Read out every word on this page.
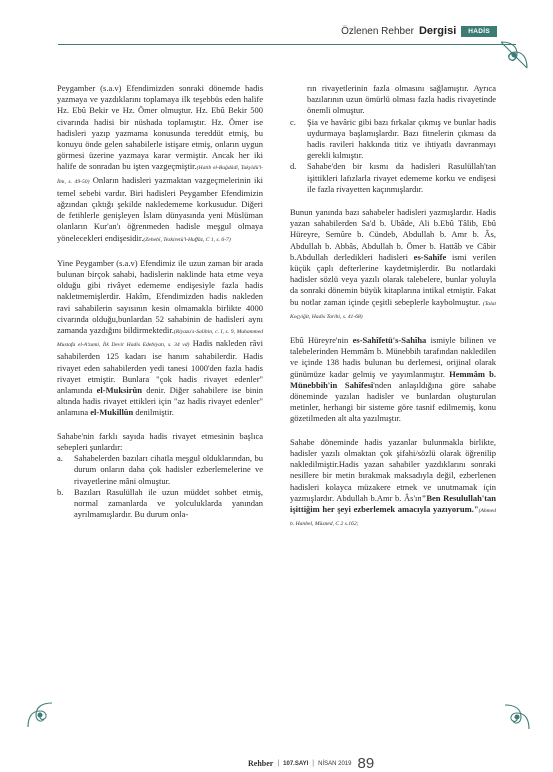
Özlenen Rehber Dergisi	HADİS

Peygamber (s.a.v) Efendimizden sonraki dönemde hadis yazmaya ve yazdıklarını toplamaya ilk teşebbüs eden halife Hz. Ebû Bekir ve Hz. Ömer olmuştur. Hz. Ebû Bekir 500 civarında hadisi bir nüshada toplamıştır. Hz. Ömer ise hadisleri yazıp yazmama konusunda tereddüt etmiş, bu konuyu önde gelen sahabilerle istişare etmiş, onların uygun görmesi üzerine yazmaya karar vermiştir. Ancak her iki halife de sonradan bu işten vazgeçmiştir.(Hatib el-Bağdâdî, Takyîdü'l-İlm, s. 49-50) Onların hadisleri yazmaktan vazgeçmelerinin iki temel sebebi vardır. Biri hadisleri Peygamber Efendimizin ağzından çıktığı şekilde nakledememe korkusudur. Diğeri de fetihlerle genişleyen İslam dünyasında yeni Müslüman olanların Kur'an'ı öğrenmeden hadisle meşgul olmaya yönelecekleri endişesidir.(Zehebî, Tezkiretü'l-Huffâz, C 1, s. 6-7)

Yine Peygamber (s.a.v) Efendimiz ile uzun zaman bir arada bulunan birçok sahabi, hadislerin naklinde hata etme veya olduğu gibi rivâyet edememe endişesiyle fazla hadis nakletmemişlerdir. Hakîm, Efendimizden hadis nakleden ravi sahabilerin sayısının kesin olmamakla birlikte 4000 civarında olduğu,bunlardan 52 sahabinin de hadisleri aynı zamanda yazdığını bildirmektedir.(Riyazu's-Salihin, c. I, s. 9, Muhammed Mustafa el-A'zami, İlk Devir Hadis Edebiyatı, s. 34 vd) Hadis nakleden râvi sahabilerden 125 kadarı ise hanım sahabilerdir. Hadis rivayet eden sahabilerden yedi tanesi 1000'den fazla hadis rivayet etmiştir. Bunlara "çok hadis rivayet edenler" anlamında el-Muksirûn denir. Diğer sahabilere ise binin altında hadis rivayet ettikleri için "az hadis rivayet edenler" anlamına el-Mukillûn denilmiştir.

Sahabe'nin farklı sayıda hadis rivayet etmesinin başlıca sebepleri şunlardır:

a.	Sahabelerden bazıları cihatla meşgul olduklarından, bu durum onların daha çok hadisler ezberlemelerine ve rivayetlerine mâni olmuştur.
b.	Bazıları Rasulüllah ile uzun müddet sohbet etmiş, normal zamanlarda ve yolculuklarda yanından ayrılmamışlardır. Bu durum onla-

rın rivayetlerinin fazla olmasını sağlamıştır. Ayrıca bazılarının uzun ömürlü olması fazla hadis rivayetinde önemli olmuştur.

c.	Şia ve havâric gibi bazı fırkalar çıkmış ve bunlar hadis uydurmaya başlamışlardır. Bazı fitnelerin çıkması da hadis ravileri hakkında titiz ve ihtiyatlı davranmayı gerekli kılmıştır.
d.	Sahabe'den bir kısmı da hadisleri Rasulüllah'tan işittikleri lafızlarla rivayet edememe korku ve endişesi ile fazla rivayetten kaçınmışlardır.

Bunun yanında bazı sahabeler hadisleri yazmışlardır. Hadis yazan sahabilerden Sa'd b. Ubâde, Ali b.Ebû Tâlib, Ebû Hüreyre, Semûre b. Cündeb, Abdullah b. Amr b. Âs, Abdullah b. Abbâs, Abdullah b. Ömer b. Hattâb ve Câbir b.Abdullah derledikleri hadisleri es-Sahîfe ismi verilen küçük çaplı defterlerine kaydetmişlerdir. Bu notlardaki hadisler sözlü veya yazılı olarak talebelere, bunlar yoluyla da sonraki dönemin büyük kitaplarına intikal etmiştir. Fakat bu notlar zaman içinde çeşitli sebeplerle kaybolmuştur. (Talat Koçyiğit, Hadis Tarihi, s. 41-68)

Ebû Hüreyre'nin es-Sahîfetü's-Sahîha ismiyle bilinen ve talebelerinden Hemmâm b. Münebbih tarafından nakledilen ve içinde 138 hadis bulunan bu derlemesi, orijinal olarak günümüze kadar gelmiş ve yayımlanmıştır. Hemmâm b. Münebbih'in Sahîfesi'nden anlaşıldığına göre sahabe döneminde yazılan hadisler ve bunlardan oluşturulan metinler, herhangi bir sisteme göre tasnif edilmemiş, konu gözetilmeden alt alta yazılmıştır.

Sahabe döneminde hadis yazanlar bulunmakla birlikte, hadisler yazılı olmaktan çok şifahi/sözlü olarak öğrenilip nakledilmiştir.Hadis yazan sahabiler yazdıklarını sonraki nesillere bir metin bırakmak maksadıyla değil, ezberlenen hadisleri kolayca müzakere etmek ve unutmamak için yazmışlardır. Abdullah b.Amr b. Âs'ın"Ben Resulullah'tan işittiğim her şeyi ezberlemek amacıyla yazıyorum."(Ahmed b. Hanbel, Müsned, C 2 s.162;

Rehber | 107.SAYI | NİSAN 2019 89
